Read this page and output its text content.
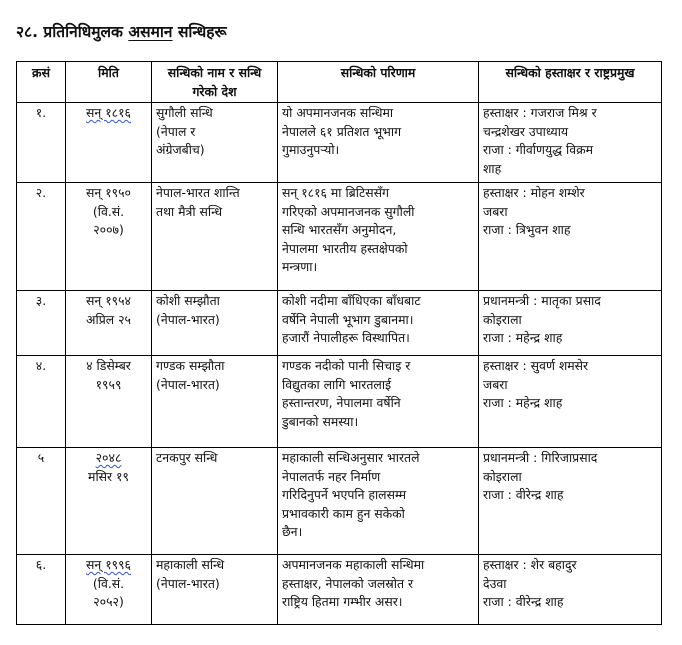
२८. प्रतिनिधिमुलक असमान सन्धिहरू
क्रसं	मिति	सन्धिको नाम र सन्धि गरेको देश	सन्धिको परिणाम	सन्धिको हस्ताक्षर र राष्ट्रप्रमुख
१.	सन् १८१६	सुगौली सन्धि
(नेपाल र
अंग्रेजबीच)	यो अपमानजनक सन्धिमा
नेपालले ६१ प्रतिशत भूभाग
गुमाउनुपऱ्यो।	हस्ताक्षर : गजराज मिश्र र
चन्द्रशेखर उपाध्याय
राजा : गीर्वाणयुद्ध विक्रम
शाह

२.	सन् १९५०
(वि.सं.
२००७)	नेपाल-भारत शान्ति
तथा मैत्री सन्धि	सन् १८१६ मा ब्रिटिससँग
गरिएको अपमानजनक सुगौली
सन्धि भारतसँग अनुमोदन,
नेपालमा भारतीय हस्तक्षेपको
मन्त्रणा।	हस्ताक्षर : मोहन शम्शेर
जबरा
राजा : त्रिभुवन शाह

३.	सन् १९५४
अप्रिल २५	कोशी सम्झौता
(नेपाल-भारत)	कोशी नदीमा बाँधिएका बाँधबाट
वर्षेनि नेपाली भूभाग डुबानमा।
हजारौं नेपालीहरू विस्थापित।	प्रधानमन्त्री : मातृका प्रसाद
कोइराला
राजा : महेन्द्र शाह

४.	४ डिसेम्बर
१९५९	गण्डक सम्झौता
(नेपाल-भारत)	गण्डक नदीको पानी सिचाइ र
विद्युतका लागि भारतलाई
हस्तान्तरण, नेपालमा वर्षेनि
डुबानको समस्या।	हस्ताक्षर : सुवर्ण शमसेर
जबरा
राजा : महेन्द्र शाह

५	२०४८
मसिर १९	टनकपुर सन्धि	महाकाली सन्धिअनुसार भारतले
नेपालतर्फ नहर निर्माण
गरिदिनुपर्ने भएपनि हालसम्म
प्रभावकारी काम हुन सकेको
छैन।	प्रधानमन्त्री : गिरिजाप्रसाद
कोइराला
राजा : वीरेन्द्र शाह

६.	सन् १९९६
(वि.सं.
२०५२)	महाकाली सन्धि
(नेपाल-भारत)	अपमानजनक महाकाली सन्धिमा
हस्ताक्षर, नेपालको जलस्रोत र
राष्ट्रिय हितमा गम्भीर असर।	हस्ताक्षर : शेर बहादुर
देउवा
राजा : वीरेन्द्र शाह
